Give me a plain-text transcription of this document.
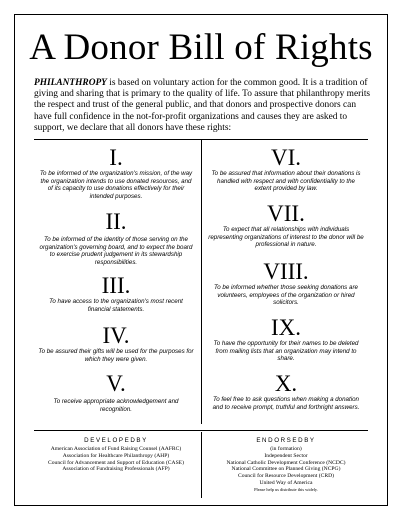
A Donor Bill of Rights
PHILANTHROPY is based on voluntary action for the common good. It is a tradition of giving and sharing that is primary to the quality of life. To assure that philanthropy merits the respect and trust of the general public, and that donors and prospective donors can have full confidence in the not-for-profit organizations and causes they are asked to support, we declare that all donors have these rights:
I.
To be informed of the organization's mission, of the way the organization intends to use donated resources, and of its capacity to use donations effectively for their intended purposes.
II.
To be informed of the identity of those serving on the organization's governing board, and to expect the board to exercise prudent judgement in its stewardship responsibilities.
III.
To have access to the organization's most recent financial statements.
IV.
To be assured their gifts will be used for the purposes for which they were given.
V.
To receive appropriate acknowledgement and recognition.
VI.
To be assured that information about their donations is handled with respect and with confidentiality to the extent provided by law.
VII.
To expect that all relationships with individuals representing organizations of interest to the donor will be professional in nature.
VIII.
To be informed whether those seeking donations are volunteers, employees of the organization or hired solicitors.
IX.
To have the opportunity for their names to be deleted from mailing lists that an organization may intend to share.
X.
To feel free to ask questions when making a donation and to receive prompt, truthful and forthright answers.
DEVELOPEDBY
American Association of Fund Raising Counsel (AAFRC)
Association for Healthcare Philanthropy (AHP)
Council for Advancement and Support of Education (CASE)
Association of Fundraising Professionals (AFP)
ENDORSEDBY
(in formation)
Independent Sector
National Catholic Development Conference (NCDC)
National Committee on Planned Giving (NCPG)
Council for Resource Development (CRD)
United Way of America
Please help us distribute this widely.
